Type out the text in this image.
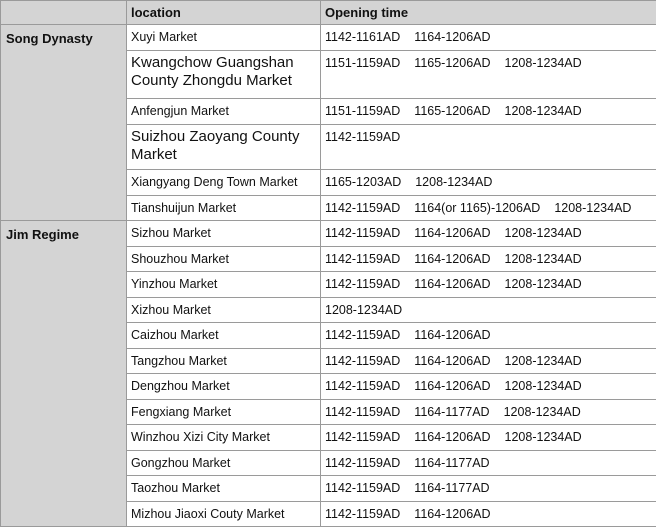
	location	Opening time
Song Dynasty	Xuyi Market	1142-1161AD 1164-1206AD
	Kwangchow Guangshan County Zhongdu Market	1151-1159AD 1165-1206AD 1208-1234AD
	Anfengjun Market	1151-1159AD 1165-1206AD 1208-1234AD
	Suizhou Zaoyang County Market	1142-1159AD
	Xiangyang Deng Town Market	1165-1203AD 1208-1234AD
	Tianshuijun Market	1142-1159AD 1164(or 1165)-1206AD 1208-1234AD
Jim Regime	Sizhou Market	1142-1159AD 1164-1206AD 1208-1234AD
	Shouzhou Market	1142-1159AD 1164-1206AD 1208-1234AD
	Yinzhou Market	1142-1159AD 1164-1206AD 1208-1234AD
	Xizhou Market	1208-1234AD
	Caizhou Market	1142-1159AD 1164-1206AD
	Tangzhou Market	1142-1159AD 1164-1206AD 1208-1234AD
	Dengzhou Market	1142-1159AD 1164-1206AD 1208-1234AD
	Fengxiang Market	1142-1159AD 1164-1177AD 1208-1234AD
	Winzhou Xizi City Market	1142-1159AD 1164-1206AD 1208-1234AD
	Gongzhou Market	1142-1159AD 1164-1177AD
	Taozhou Market	1142-1159AD 1164-1177AD
	Mizhou Jiaoxi Couty Market	1142-1159AD 1164-1206AD
